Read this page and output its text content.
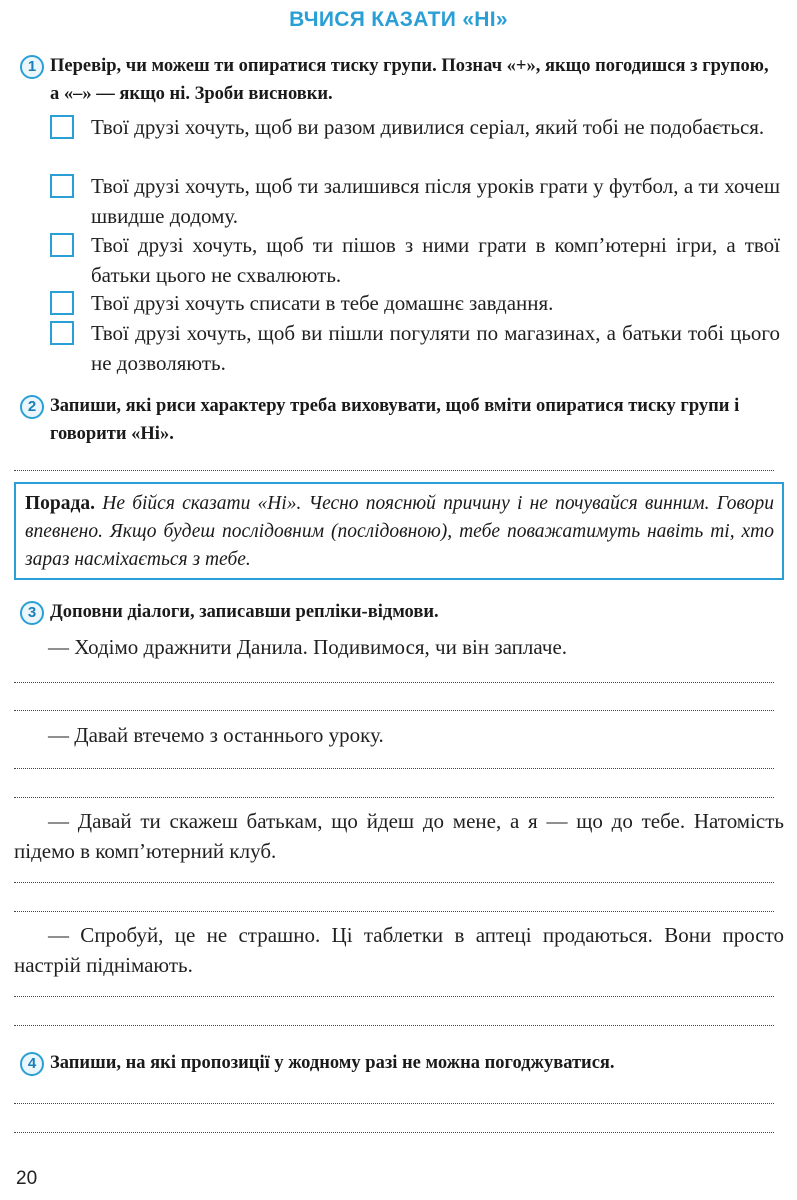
ВЧИСЯ КАЗАТИ «НІ»
1 Перевір, чи можеш ти опиратися тиску групи. Познач «+», якщо погодишся з групою, а «–» — якщо ні. Зроби висновки.
Твої друзі хочуть, щоб ви разом дивилися серіал, який тобі не подобається.
Твої друзі хочуть, щоб ти залишився після уроків грати у футбол, а ти хочеш швидше додому.
Твої друзі хочуть, щоб ти пішов з ними грати в комп’ютерні ігри, а твої батьки цього не схвалюють.
Твої друзі хочуть списати в тебе домашнє завдання.
Твої друзі хочуть, щоб ви пішли погуляти по магазинах, а батьки тобі цього не дозволяють.
2 Запиши, які риси характеру треба виховувати, щоб вміти опиратися тиску групи і говорити «Ні».
Порада. Не бійся сказати «Ні». Чесно пояснюй причину і не почувайся винним. Говори впевнено. Якщо будеш послідовним (послідовною), тебе поважатимуть навіть ті, хто зараз насміхається з тебе.
3 Доповни діалоги, записавши репліки-відмови.
— Ходімо дражнити Данила. Подивимося, чи він заплаче.
— Давай втечемо з останнього уроку.
— Давай ти скажеш батькам, що йдеш до мене, а я — що до тебе. Натомість підемо в комп’ютерний клуб.
— Спробуй, це не страшно. Ці таблетки в аптеці продаються. Вони просто настрій піднімають.
4 Запиши, на які пропозиції у жодному разі не можна погоджуватися.
20
